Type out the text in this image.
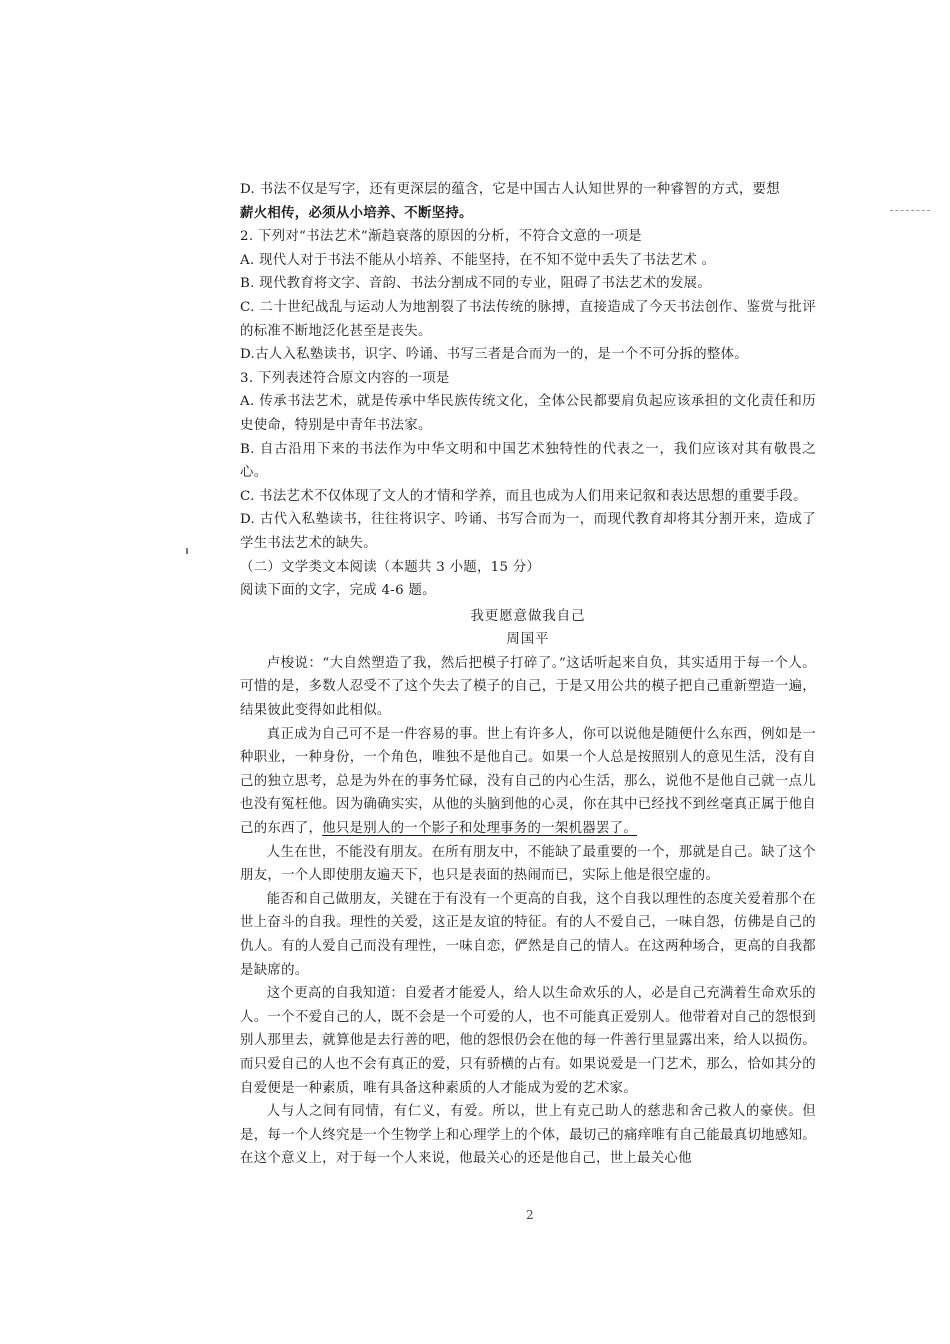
D. 书法不仅是写字，还有更深层的蕴含，它是中国古人认知世界的一种睿智的方式，要想
薪火相传，必须从小培养、不断坚持。

2. 下列对“书法艺术”渐趋衰落的原因的分析，不符合文意的一项是

A. 现代人对于书法不能从小培养、不能坚持，在不知不觉中丢失了书法艺术 。

B. 现代教育将文字、音韵、书法分割成不同的专业，阻碍了书法艺术的发展。

C. 二十世纪战乱与运动人为地割裂了书法传统的脉搏，直接造成了今天书法创作、鉴赏与批评的标准不断地泛化甚至是丧失。

D.古人入私塾读书，识字、吟诵、书写三者是合而为一的，是一个不可分拆的整体。

3. 下列表述符合原文内容的一项是

A. 传承书法艺术，就是传承中华民族传统文化，全体公民都要肩负起应该承担的文化责任和历史使命，特别是中青年书法家。

B. 自古沿用下来的书法作为中华文明和中国艺术独特性的代表之一，我们应该对其有敬畏之心。

C. 书法艺术不仅体现了文人的才情和学养，而且也成为人们用来记叙和表达思想的重要手段。

D. 古代入私塾读书，往往将识字、吟诵、书写合而为一，而现代教育却将其分割开来，造成了学生书法艺术的缺失。

（二）文学类文本阅读（本题共 3 小题，15 分）

阅读下面的文字，完成 4-6 题。

我更愿意做我自己

周国平

卢梭说：“大自然塑造了我，然后把模子打碎了。”这话听起来自负，其实适用于每一个人。可惜的是，多数人忍受不了这个失去了模子的自己，于是又用公共的模子把自己重新塑造一遍，结果彼此变得如此相似。

真正成为自己可不是一件容易的事。世上有许多人，你可以说他是随便什么东西，例如是一种职业，一种身份，一个角色，唯独不是他自己。如果一个人总是按照别人的意见生活，没有自己的独立思考，总是为外在的事务忙碌，没有自己的内心生活，那么，说他不是他自己就一点儿也没有冤枉他。因为确确实实，从他的头脑到他的心灵，你在其中已经找不到丝毫真正属于他自己的东西了，他只是别人的一个影子和处理事务的一架机器罢了。

人生在世，不能没有朋友。在所有朋友中，不能缺了最重要的一个，那就是自己。缺了这个朋友，一个人即使朋友遍天下，也只是表面的热闹而已，实际上他是很空虚的。

能否和自己做朋友，关键在于有没有一个更高的自我，这个自我以理性的态度关爱着那个在世上奋斗的自我。理性的关爱，这正是友谊的特征。有的人不爱自己，一味自怨，仿佛是自己的仇人。有的人爱自己而没有理性，一味自恋，俨然是自己的情人。在这两种场合，更高的自我都是缺席的。

这个更高的自我知道：自爱者才能爱人，给人以生命欢乐的人，必是自己充满着生命欢乐的人。一个不爱自己的人，既不会是一个可爱的人，也不可能真正爱别人。他带着对自己的怨恨到别人那里去，就算他是去行善的吧，他的怨恨仍会在他的每一件善行里显露出来，给人以损伤。而只爱自己的人也不会有真正的爱，只有骄横的占有。如果说爱是一门艺术，那么，恰如其分的自爱便是一种素质，唯有具备这种素质的人才能成为爱的艺术家。

人与人之间有同情，有仁义，有爱。所以，世上有克己助人的慈悲和舍己救人的豪侠。但是，每一个人终究是一个生物学上和心理学上的个体，最切己的痛痒唯有自己能最真切地感知。在这个意义上，对于每一个人来说，他最关心的还是他自己，世上最关心他

2
